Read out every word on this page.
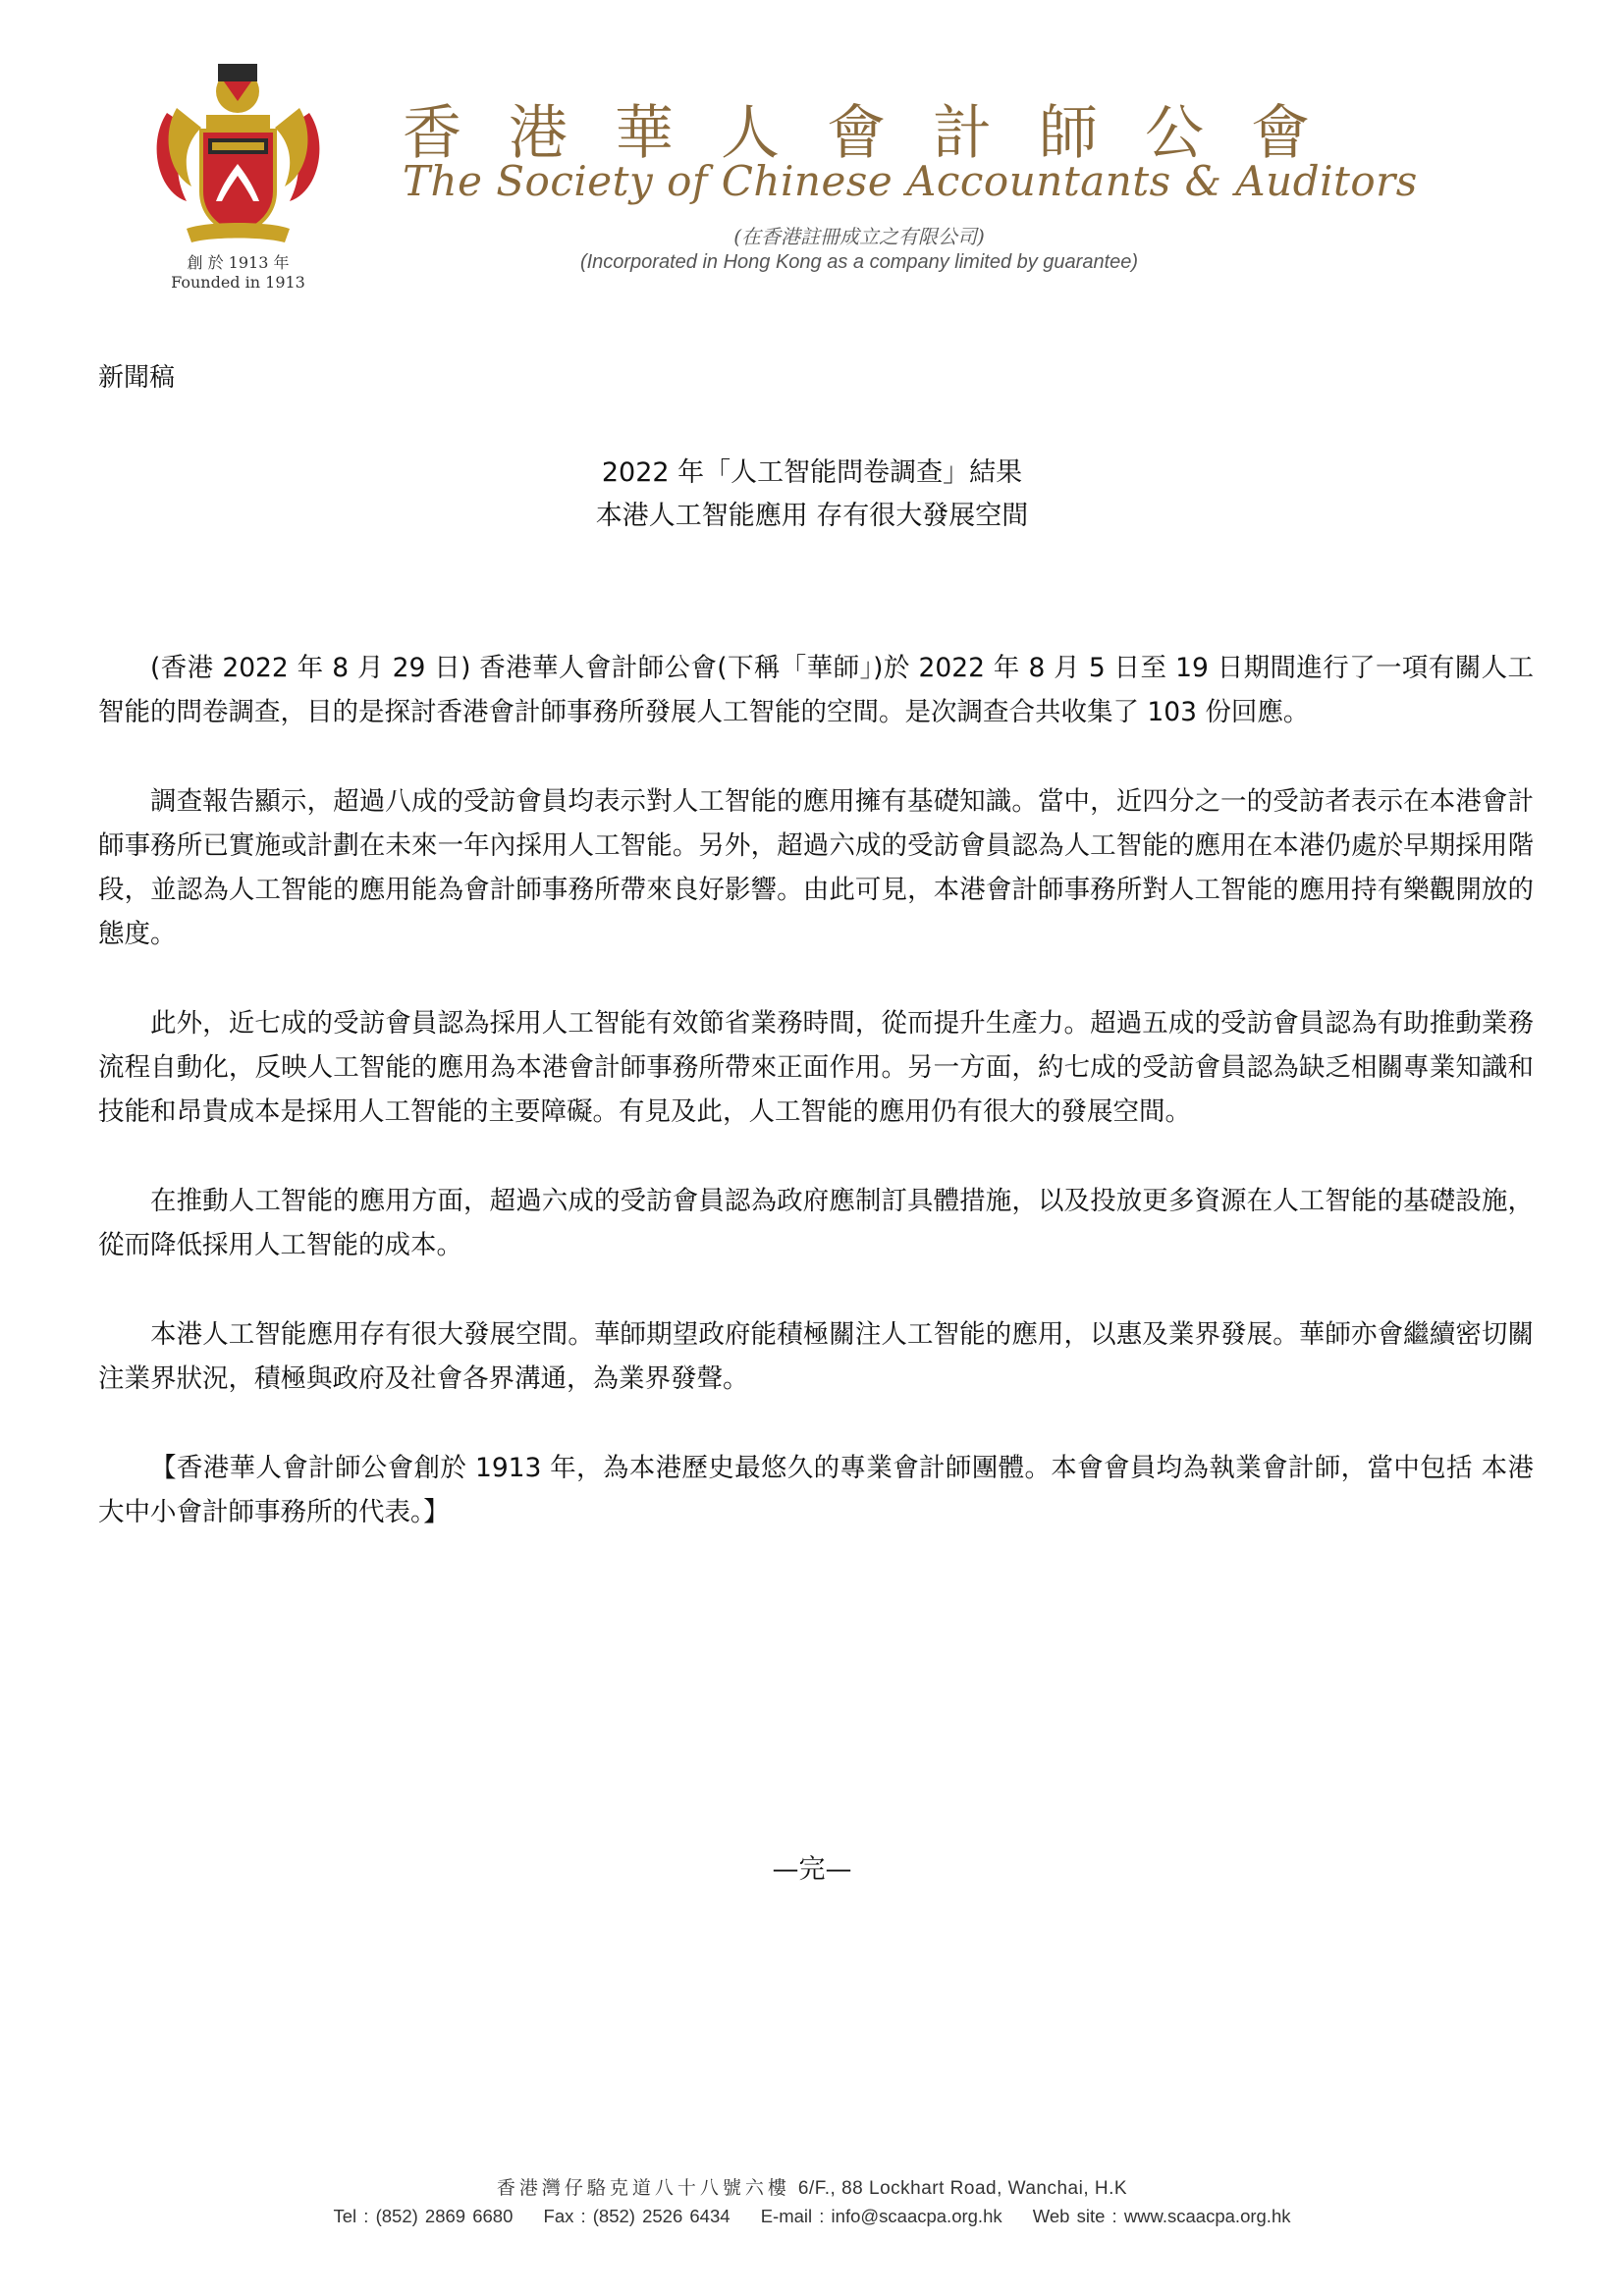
創 於 1913 年
Founded in 1913
香港華人會計師公會
The Society of Chinese Accountants & Auditors
(在香港註冊成立之有限公司)
(Incorporated in Hong Kong as a company limited by guarantee)
新聞稿
2022 年「人工智能問卷調查」結果
本港人工智能應用 存有很大發展空間

(香港 2022 年 8 月 29 日) 香港華人會計師公會(下稱「華師」)於 2022 年 8 月 5 日至 19 日期間進行了一項有關人工智能的問卷調查，目的是探討香港會計師事務所發展人工智能的空間。是次調查合共收集了 103 份回應。

調查報告顯示，超過八成的受訪會員均表示對人工智能的應用擁有基礎知識。當中，近四分之一的受訪者表示在本港會計師事務所已實施或計劃在未來一年內採用人工智能。另外，超過六成的受訪會員認為人工智能的應用在本港仍處於早期採用階段，並認為人工智能的應用能為會計師事務所帶來良好影響。由此可見，本港會計師事務所對人工智能的應用持有樂觀開放的態度。

此外，近七成的受訪會員認為採用人工智能有效節省業務時間，從而提升生產力。超過五成的受訪會員認為有助推動業務流程自動化，反映人工智能的應用為本港會計師事務所帶來正面作用。另一方面，約七成的受訪會員認為缺乏相關專業知識和技能和昂貴成本是採用人工智能的主要障礙。有見及此，人工智能的應用仍有很大的發展空間。

在推動人工智能的應用方面，超過六成的受訪會員認為政府應制訂具體措施，以及投放更多資源在人工智能的基礎設施，從而降低採用人工智能的成本。

本港人工智能應用存有很大發展空間。華師期望政府能積極關注人工智能的應用，以惠及業界發展。華師亦會繼續密切關注業界狀況，積極與政府及社會各界溝通，為業界發聲。

【香港華人會計師公會創於 1913 年，為本港歷史最悠久的專業會計師團體。本會會員均為執業會計師，當中包括 本港大中小會計師事務所的代表。】

—完—
香港灣仔駱克道八十八號六樓 6/F., 88 Lockhart Road, Wanchai, H.K
Tel : (852) 2869 6680 Fax : (852) 2526 6434 E-mail : info@scaacpa.org.hk Web site : www.scaacpa.org.hk
